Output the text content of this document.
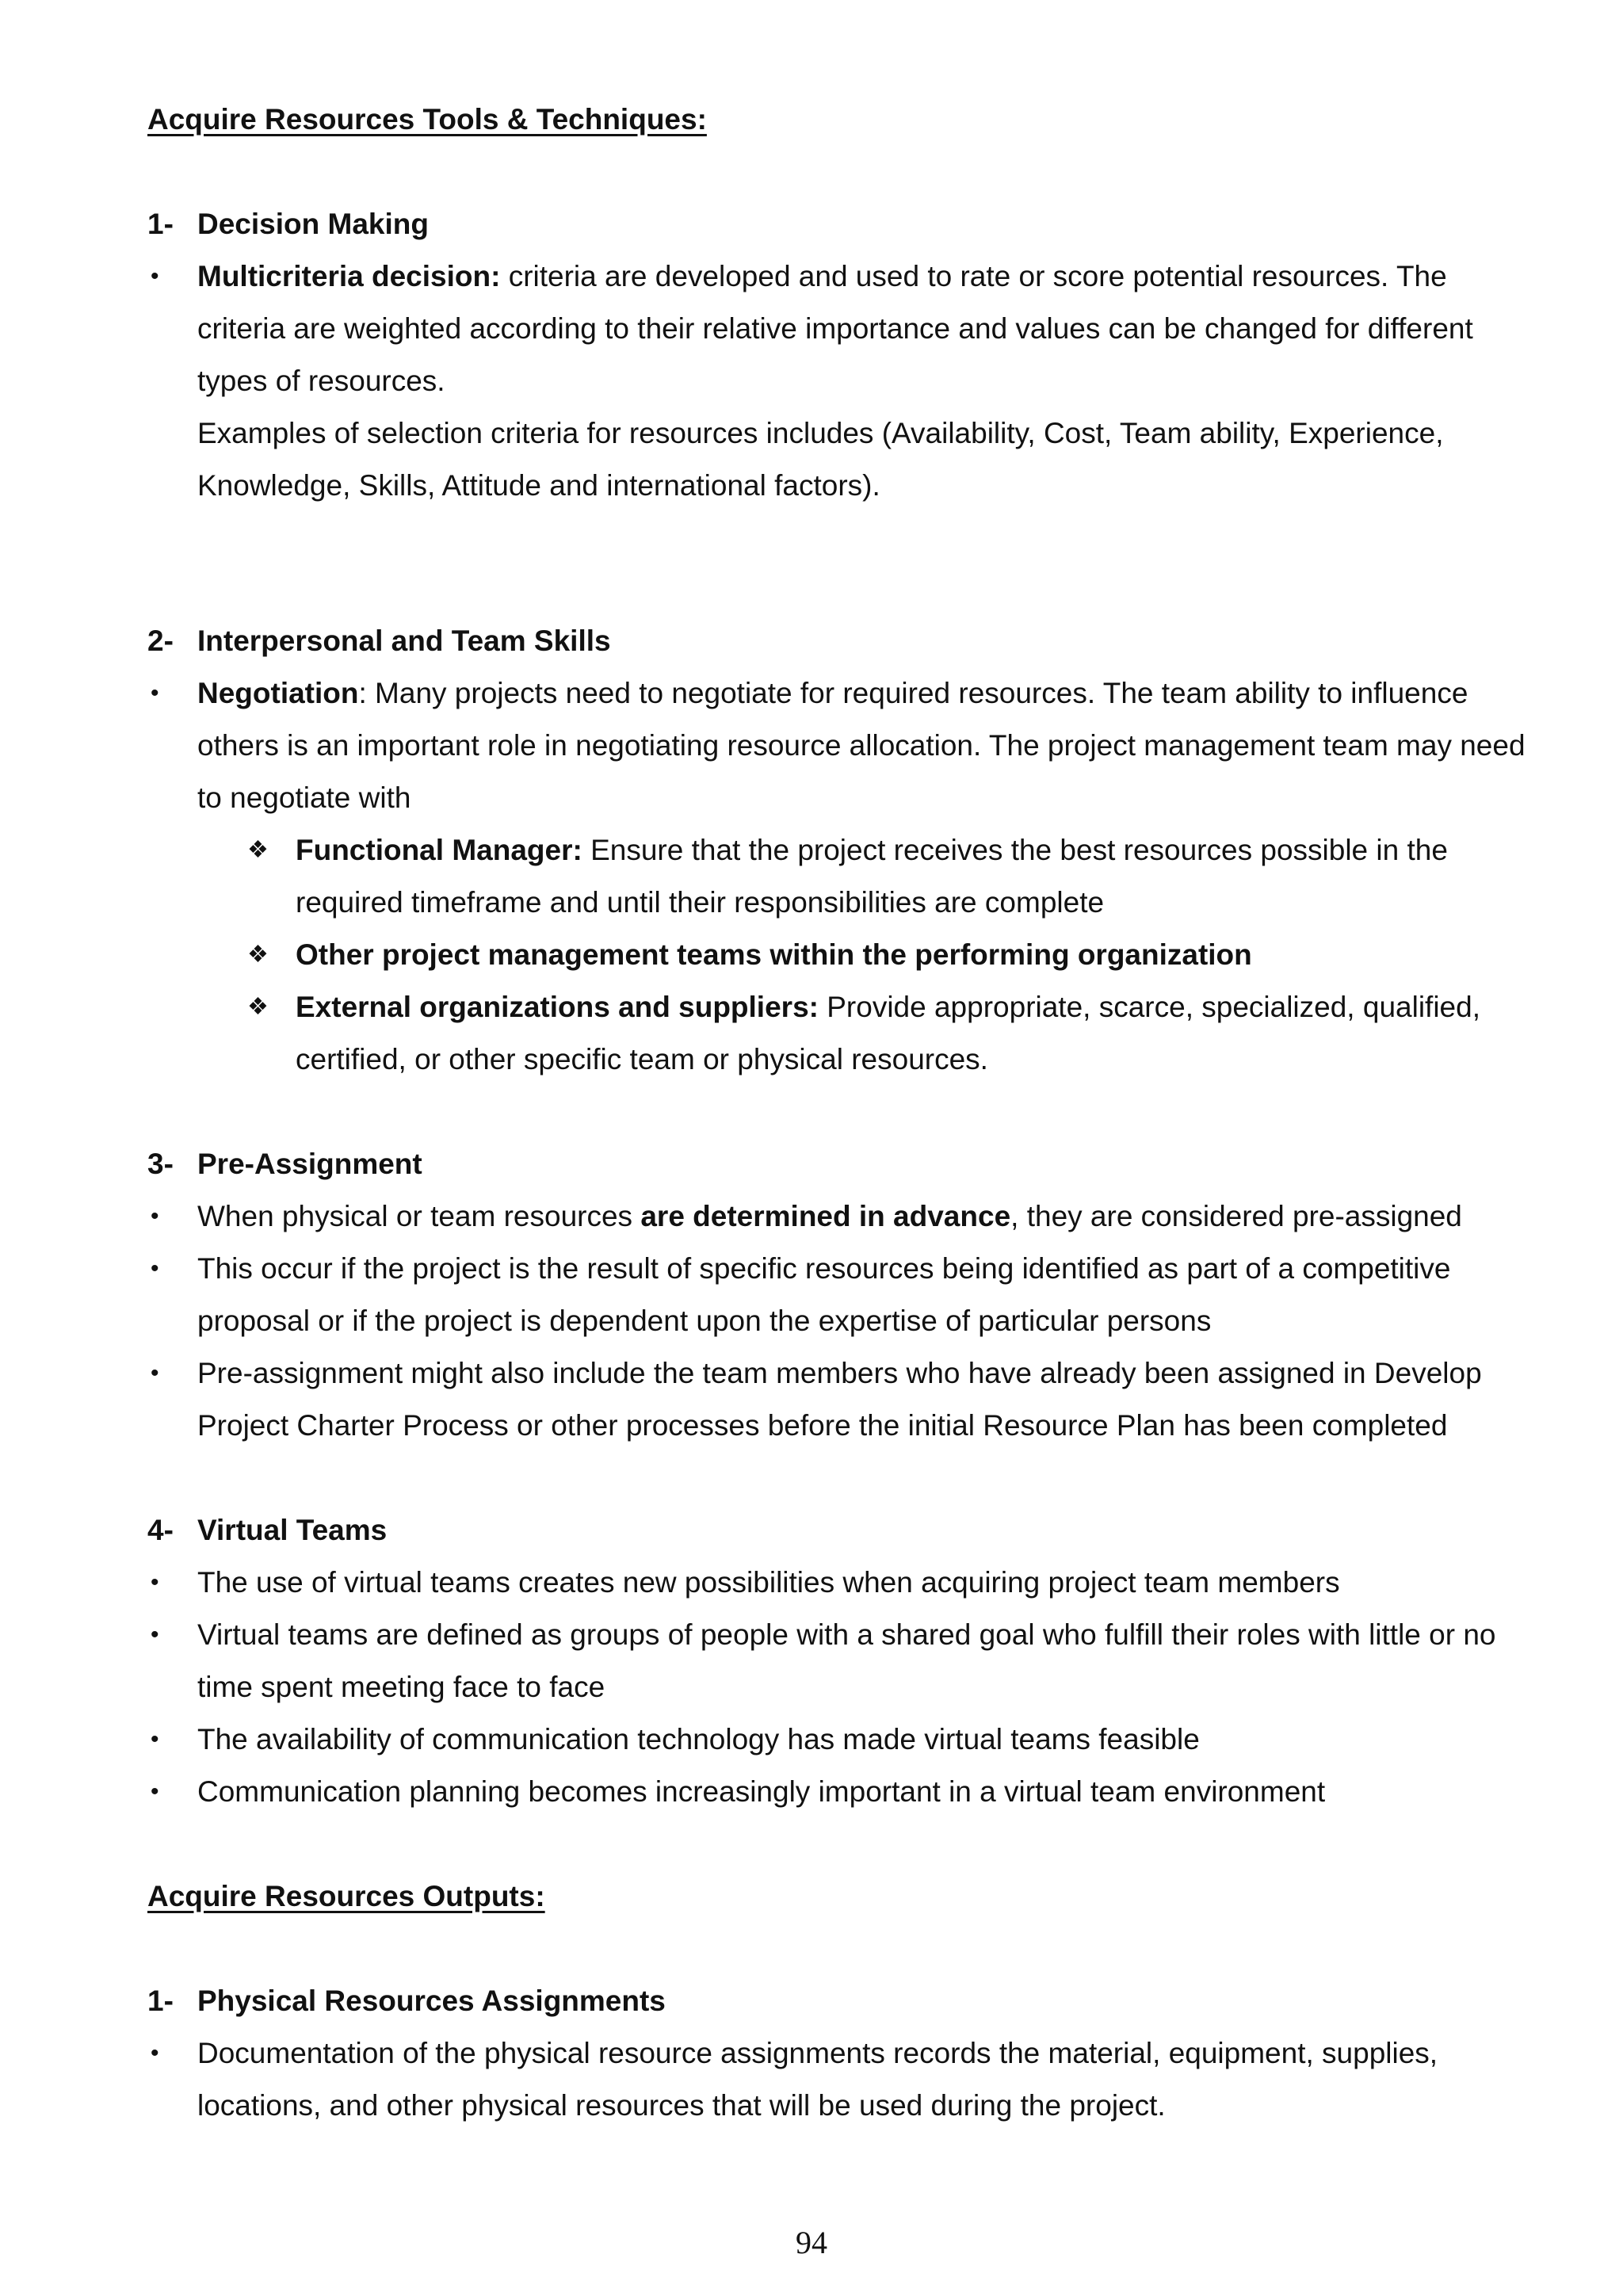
Acquire Resources Tools & Techniques:
1- Decision Making
• Multicriteria decision: criteria are developed and used to rate or score potential resources. The criteria are weighted according to their relative importance and values can be changed for different types of resources.

Examples of selection criteria for resources includes (Availability, Cost, Team ability, Experience, Knowledge, Skills, Attitude and international factors).

2- Interpersonal and Team Skills
• Negotiation: Many projects need to negotiate for required resources. The team ability to influence others is an important role in negotiating resource allocation. The project management team may need to negotiate with

❖ Functional Manager: Ensure that the project receives the best resources possible in the required timeframe and until their responsibilities are complete
❖ Other project management teams within the performing organization
❖ External organizations and suppliers: Provide appropriate, scarce, specialized, qualified, certified, or other specific team or physical resources.
3- Pre-Assignment
• When physical or team resources are determined in advance, they are considered pre-assigned

• This occur if the project is the result of specific resources being identified as part of a competitive proposal or if the project is dependent upon the expertise of particular persons

• Pre-assignment might also include the team members who have already been assigned in Develop Project Charter Process or other processes before the initial Resource Plan has been completed

4- Virtual Teams
• The use of virtual teams creates new possibilities when acquiring project team members

• Virtual teams are defined as groups of people with a shared goal who fulfill their roles with little or no time spent meeting face to face

• The availability of communication technology has made virtual teams feasible

• Communication planning becomes increasingly important in a virtual team environment

Acquire Resources Outputs:
1- Physical Resources Assignments
• Documentation of the physical resource assignments records the material, equipment, supplies, locations, and other physical resources that will be used during the project.

94
